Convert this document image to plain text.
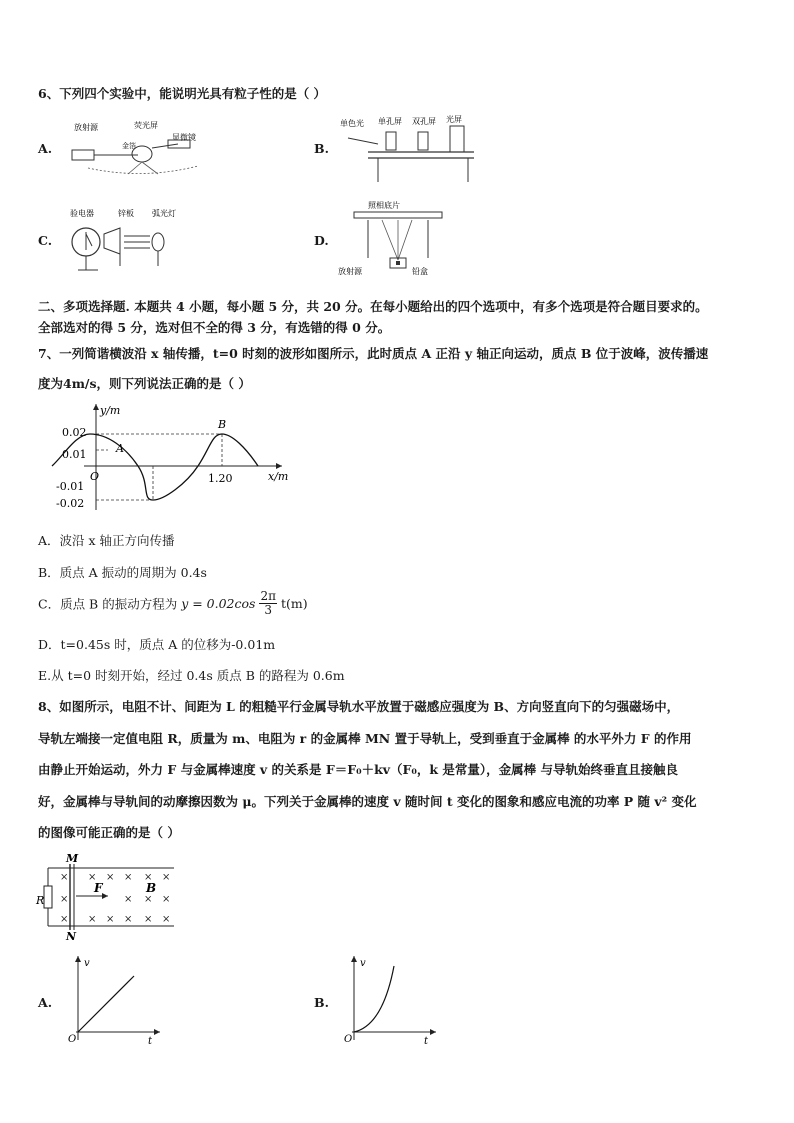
6、下列四个实验中，能说明光具有粒子性的是（ ）
A.
放射源	荧光屏
显微镜
金箔	B.
单色光 单孔屏 双孔屏 光屏
C.
验电器	锌板 弧光灯
D.
照相底片
放射源	铅盒
二、多项选择题. 本题共 4 小题，每小题 5 分，共 20 分。在每小题给出的四个选项中，有多个选项是符合题目要求的。
全部选对的得 5 分，选对但不全的得 3 分，有选错的得 0 分。
7、一列简谐横波沿 x 轴传播，t=0 时刻的波形如图所示，此时质点 A 正沿 y 轴正向运动，质点 B 位于波峰，波传播速
度为4m/s，则下列说法正确的是（ ）
y/m
x/m
0.02
0.01
-0.01
-0.02
O	1.20
A
B
A．波沿 x 轴正方向传播
B．质点 A 振动的周期为 0.4s
C．质点 B 的振动方程为 $y = 0.02\cos \frac{2\pi}{3} t(m)$
D．t=0.45s 时，质点 A 的位移为-0.01m
E.从 t=0 时刻开始，经过 0.4s 质点 B 的路程为 0.6m
8、如图所示，电阻不计、间距为 L 的粗糙平行金属导轨水平放置于磁感应强度为 B、方向竖直向下的匀强磁场中，
导轨左端接一定值电阻 R，质量为 m、电阻为 r 的金属棒 MN 置于导轨上，受到垂直于金属棒 的水平外力 F 的作用
由静止开始运动，外力 F 与金属棒速度 v 的关系是 F＝F₀＋kv（F₀，k 是常量），金属棒 与导轨始终垂直且接触良
好，金属棒与导轨间的动摩擦因数为 μ。下列关于金属棒的速度 v 随时间 t 变化的图象和感应电流的功率 P 随 v² 变化
的图像可能正确的是（ ）
M
N
R
×
×
×
× × × × ×
× × ×
× × × × ×
F	B
A.
v
t
O
B.
v
t
O
